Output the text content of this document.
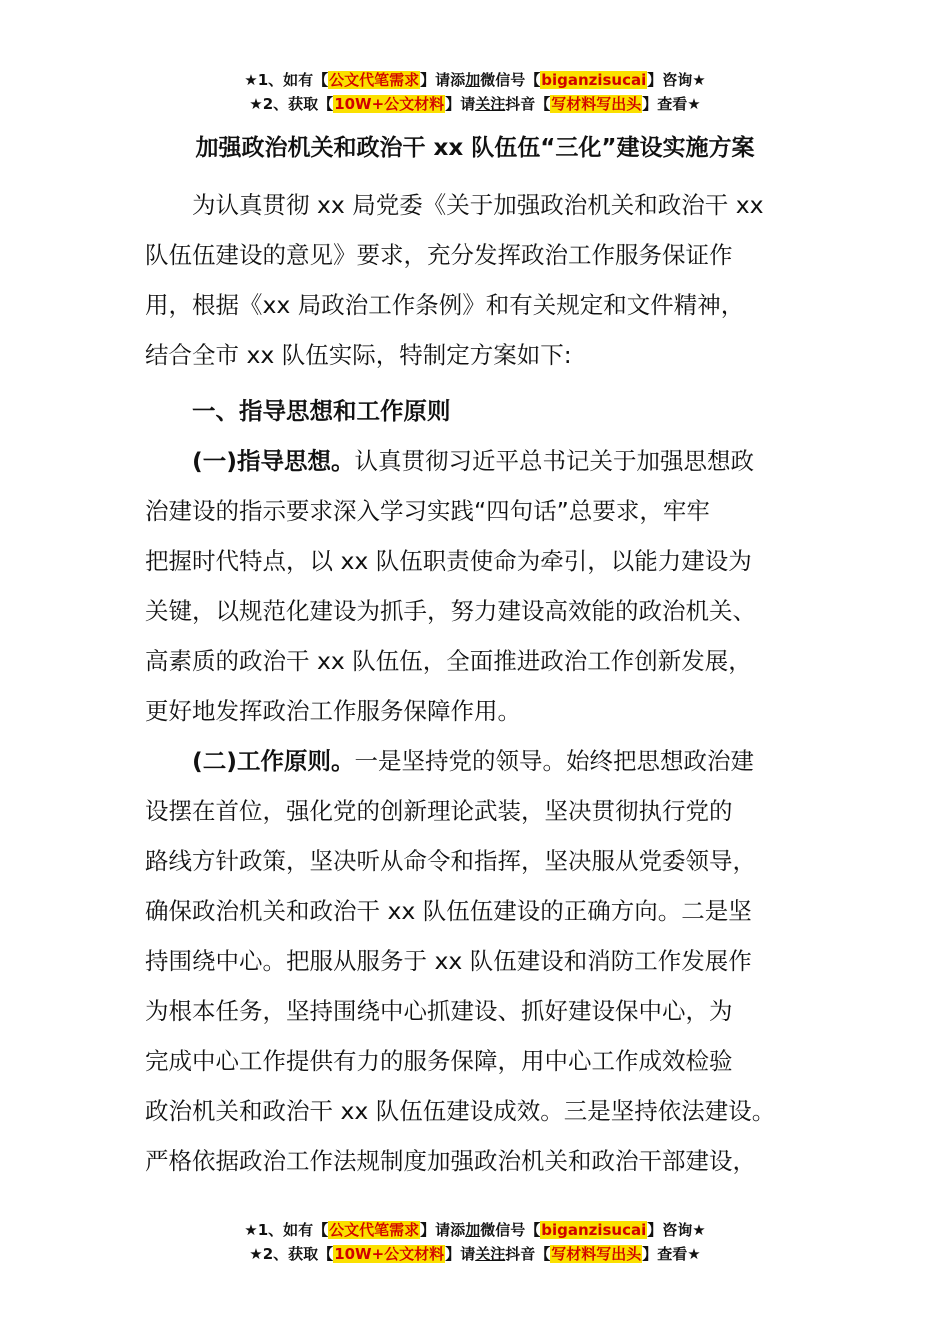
★1、如有【公文代笔需求】请添加微信号【biganzisucai】咨询★
★2、获取【10W+公文材料】请关注抖音【写材料写出头】查看★
加强政治机关和政治干 xx 队伍伍“三化”建设实施方案

为认真贯彻 xx 局党委《关于加强政治机关和政治干 xx
队伍伍建设的意见》要求，充分发挥政治工作服务保证作
用，根据《xx 局政治工作条例》和有关规定和文件精神，
结合全市 xx 队伍实际，特制定方案如下:

一、指导思想和工作原则

(一)指导思想。认真贯彻习近平总书记关于加强思想政
治建设的指示要求深入学习实践“四句话”总要求，牢牢
把握时代特点，以 xx 队伍职责使命为牵引，以能力建设为
关键，以规范化建设为抓手，努力建设高效能的政治机关、
高素质的政治干 xx 队伍伍，全面推进政治工作创新发展，
更好地发挥政治工作服务保障作用。

(二)工作原则。一是坚持党的领导。始终把思想政治建
设摆在首位，强化党的创新理论武装，坚决贯彻执行党的
路线方针政策，坚决听从命令和指挥，坚决服从党委领导，
确保政治机关和政治干 xx 队伍伍建设的正确方向。二是坚
持围绕中心。把服从服务于 xx 队伍建设和消防工作发展作
为根本任务，坚持围绕中心抓建设、抓好建设保中心，为
完成中心工作提供有力的服务保障，用中心工作成效检验
政治机关和政治干 xx 队伍伍建设成效。三是坚持依法建设。
严格依据政治工作法规制度加强政治机关和政治干部建设，

★1、如有【公文代笔需求】请添加微信号【biganzisucai】咨询★
★2、获取【10W+公文材料】请关注抖音【写材料写出头】查看★
